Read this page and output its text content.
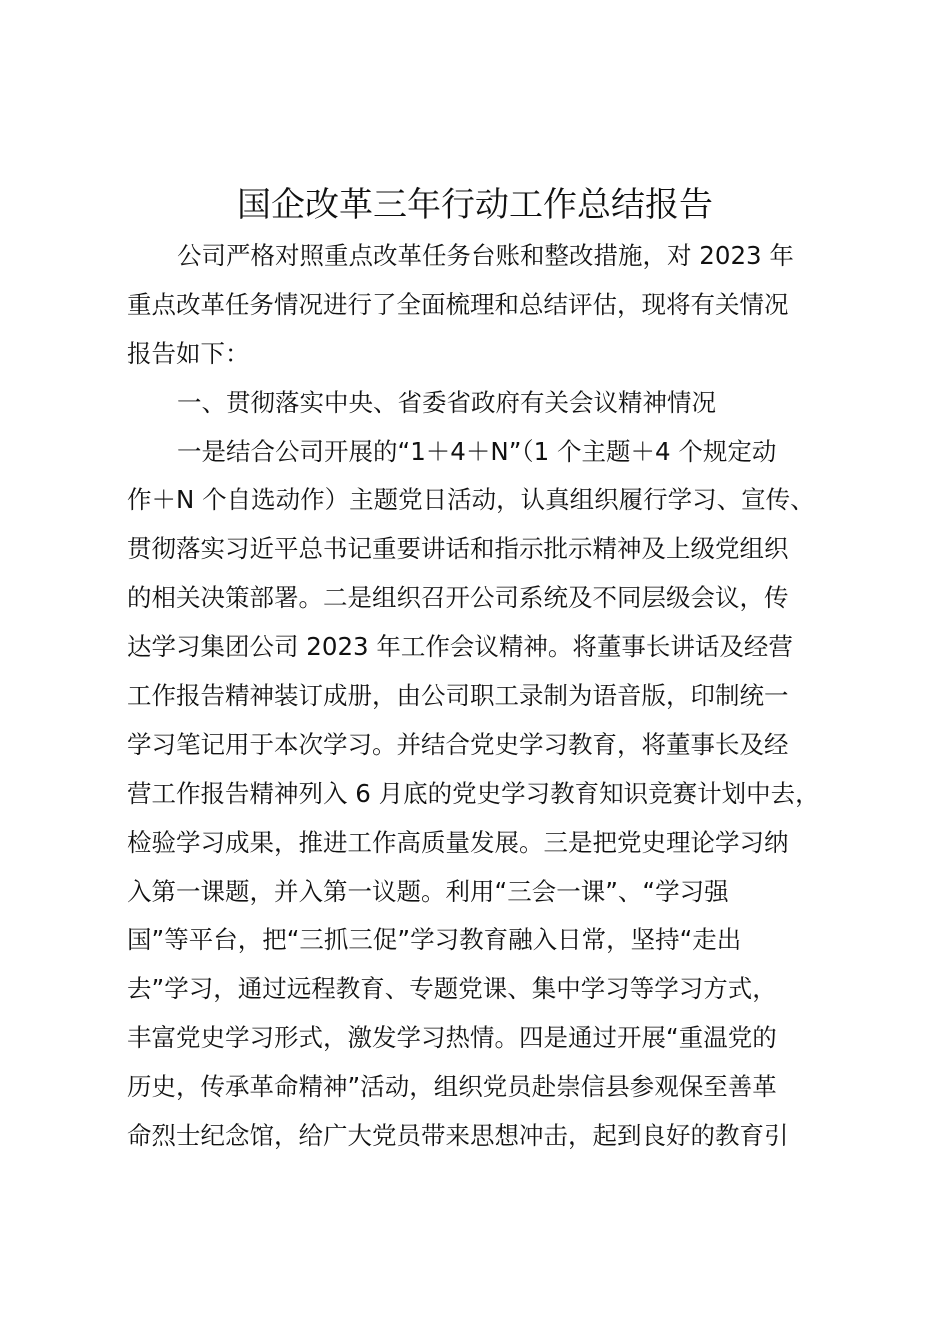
国企改革三年行动工作总结报告
公司严格对照重点改革任务台账和整改措施，对 2023 年
重点改革任务情况进行了全面梳理和总结评估，现将有关情况
报告如下：
一、贯彻落实中央、省委省政府有关会议精神情况
一是结合公司开展的“1＋4＋N”（1 个主题＋4 个规定动
作＋N 个自选动作）主题党日活动，认真组织履行学习、宣传、
贯彻落实习近平总书记重要讲话和指示批示精神及上级党组织
的相关决策部署。二是组织召开公司系统及不同层级会议，传
达学习集团公司 2023 年工作会议精神。将董事长讲话及经营
工作报告精神装订成册，由公司职工录制为语音版，印制统一
学习笔记用于本次学习。并结合党史学习教育，将董事长及经
营工作报告精神列入 6 月底的党史学习教育知识竞赛计划中去，
检验学习成果，推进工作高质量发展。三是把党史理论学习纳
入第一课题，并入第一议题。利用“三会一课”、“学习强
国”等平台，把“三抓三促”学习教育融入日常，坚持“走出
去”学习，通过远程教育、专题党课、集中学习等学习方式，
丰富党史学习形式，激发学习热情。四是通过开展“重温党的
历史，传承革命精神”活动，组织党员赴崇信县参观保至善革
命烈士纪念馆，给广大党员带来思想冲击，起到良好的教育引
